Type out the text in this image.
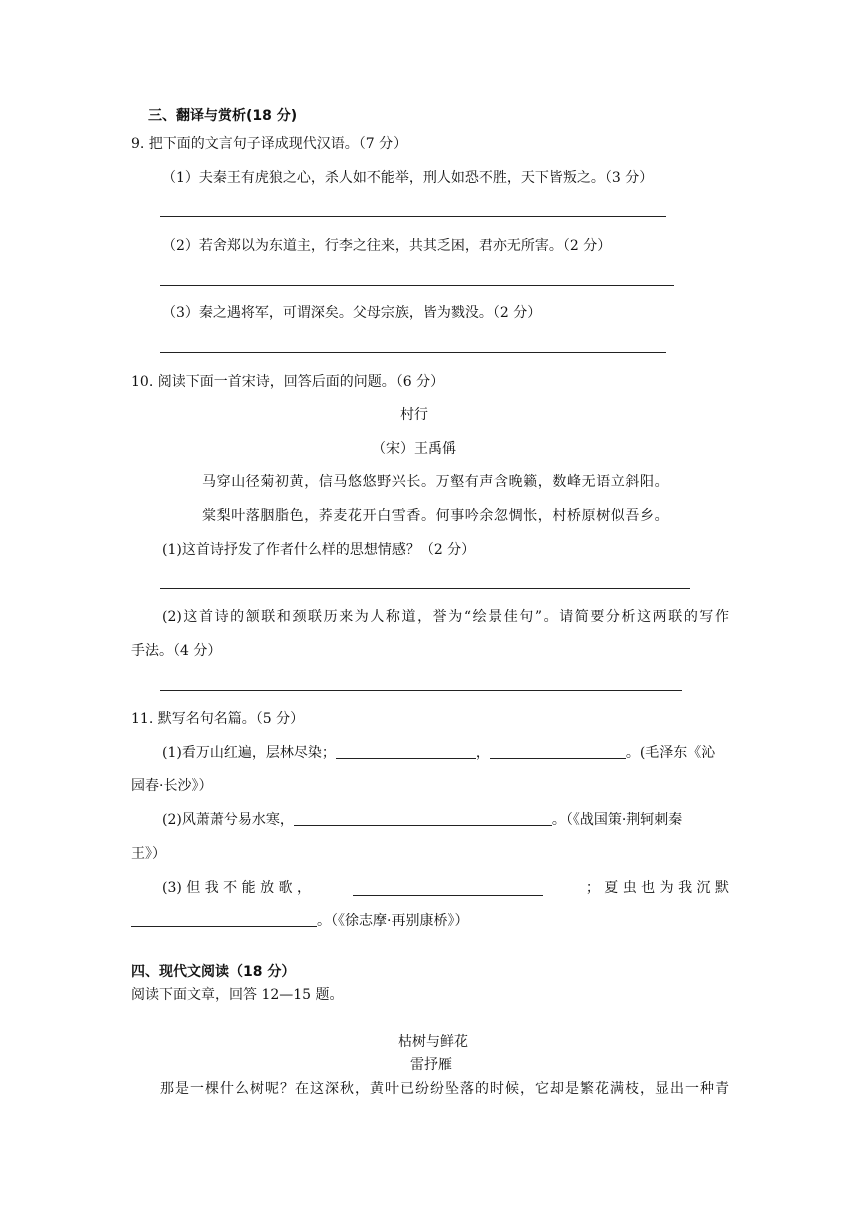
三、翻译与赏析(18 分)
9. 把下面的文言句子译成现代汉语。（7 分）
（1）夫秦王有虎狼之心，杀人如不能举，刑人如恐不胜，天下皆叛之。（3 分）
（2）若舍郑以为东道主，行李之往来，共其乏困，君亦无所害。（2 分）
（3）秦之遇将军，可谓深矣。父母宗族，皆为戮没。（2 分）
10. 阅读下面一首宋诗，回答后面的问题。（6 分）
村行
（宋）王禹偁
马穿山径菊初黄，信马悠悠野兴长。万壑有声含晚籁，数峰无语立斜阳。
棠梨叶落胭脂色，荞麦花开白雪香。何事吟余忽惆怅，村桥原树似吾乡。
(1)这首诗抒发了作者什么样的思想情感？（2 分）
(2)这首诗的颔联和颈联历来为人称道，誉为“绘景佳句”。请简要分析这两联的写作
手法。（4 分）
11. 默写名句名篇。（5 分）
(1)看万山红遍，层林尽染；	，	。(毛泽东《沁
园春·长沙》）
(2)风萧萧兮易水寒，	。（《战国策·荆轲刺秦
王》）
(3) 但 我 不 能 放 歌 ，	； 夏 虫 也 为 我 沉 默
。（《徐志摩·再别康桥》）
四、现代文阅读（18 分）
阅读下面文章，回答 12—15 题。
枯树与鲜花
雷抒雁
那是一棵什么树呢？在这深秋，黄叶已纷纷坠落的时候，它却是繁花满枝，显出一种青
